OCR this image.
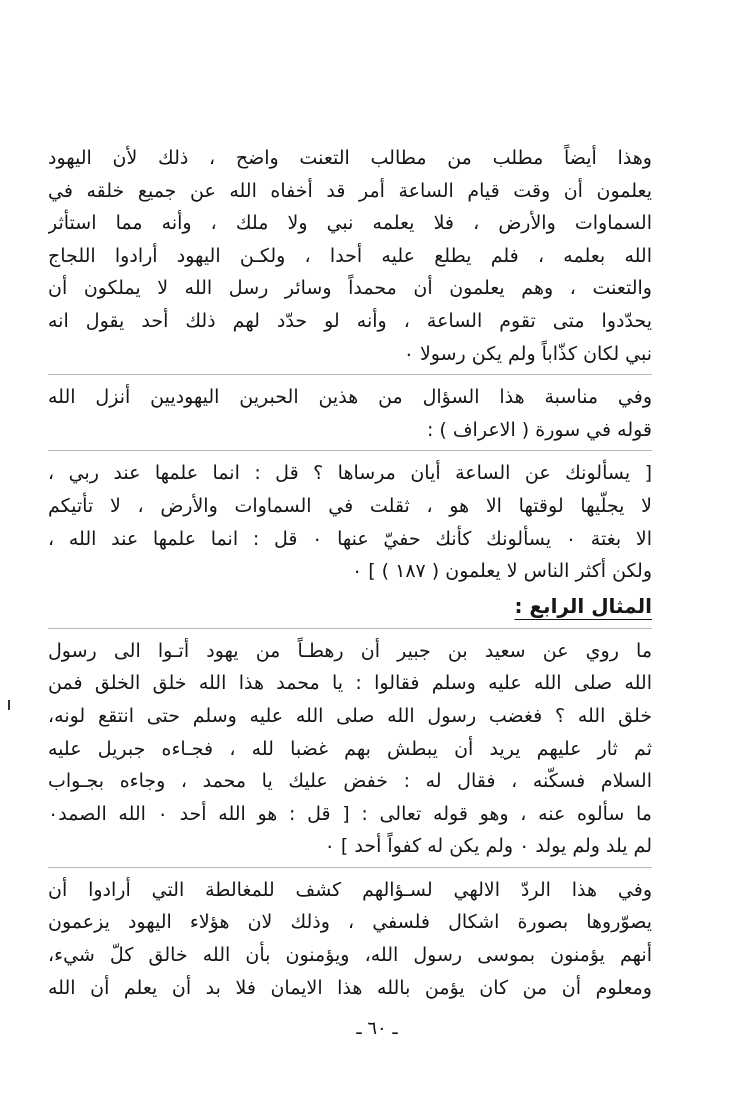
وهذا أيضاً مطلب من مطالب التعنت واضح ، ذلك لأن اليهود
يعلمون أن وقت قيام الساعة أمر قد أخفاه الله عن جميع خلقه في
السماوات والأرض ، فلا يعلمه نبي ولا ملك ، وأنه مما استأثر
الله بعلمه ، فلم يطلع عليه أحدا ، ولكـن اليهود أرادوا اللجاج
والتعنت ، وهم يعلمون أن محمداً وسائر رسل الله لا يملكون أن
يحدّدوا متى تقوم الساعة ، وأنه لو حدّد لهم ذلك أحد يقول انه
نبي لكان كذّاباً ولم يكن رسولا ٠
وفي مناسبة هذا السؤال من هذين الحبرين اليهوديين أنزل الله
قوله في سورة ( الاعراف ) :
[ يسألونك عن الساعة أيان مرساها ؟ قل : انما علمها عند ربي ،
لا يجلّيها لوقتها الا هو ، ثقلت في السماوات والأرض ، لا تأتيكم
الا بغتة ٠ يسألونك كأنك حفيّ عنها ٠ قل : انما علمها عند الله ،
ولكن أكثر الناس لا يعلمون ( ١٨٧ ) ] ٠
المثال الرابع :
ما روي عن سعيد بن جبير أن رهطـاً من يهود أتـوا الى رسول
الله صلى الله عليه وسلم فقالوا : يا محمد هذا الله خلق الخلق فمن
خلق الله ؟ فغضب رسول الله صلى الله عليه وسلم حتى انتقع لونه،
ثم ثار عليهم يريد أن يبطش بهم غضبا لله ، فجـاءه جبريل عليه
السلام فسكّنه ، فقال له : خفض عليك يا محمد ، وجاءه بجـواب
ما سألوه عنه ، وهو قوله تعالى : [ قل : هو الله أحد ٠ الله الصمد٠
لم يلد ولم يولد ٠ ولم يكن له كفواً أحد ] ٠
وفي هذا الردّ الالهي لسـؤالهم كشف للمغالطة التي أرادوا أن
يصوّروها بصورة اشكال فلسفي ، وذلك لان هؤلاء اليهود يزعمون
أنهم يؤمنون بموسى رسول الله، ويؤمنون بأن الله خالق كلّ شيء،
ومعلوم أن من كان يؤمن بالله هذا الايمان فلا بد أن يعلم أن الله
ـ ٦٠ ـ
